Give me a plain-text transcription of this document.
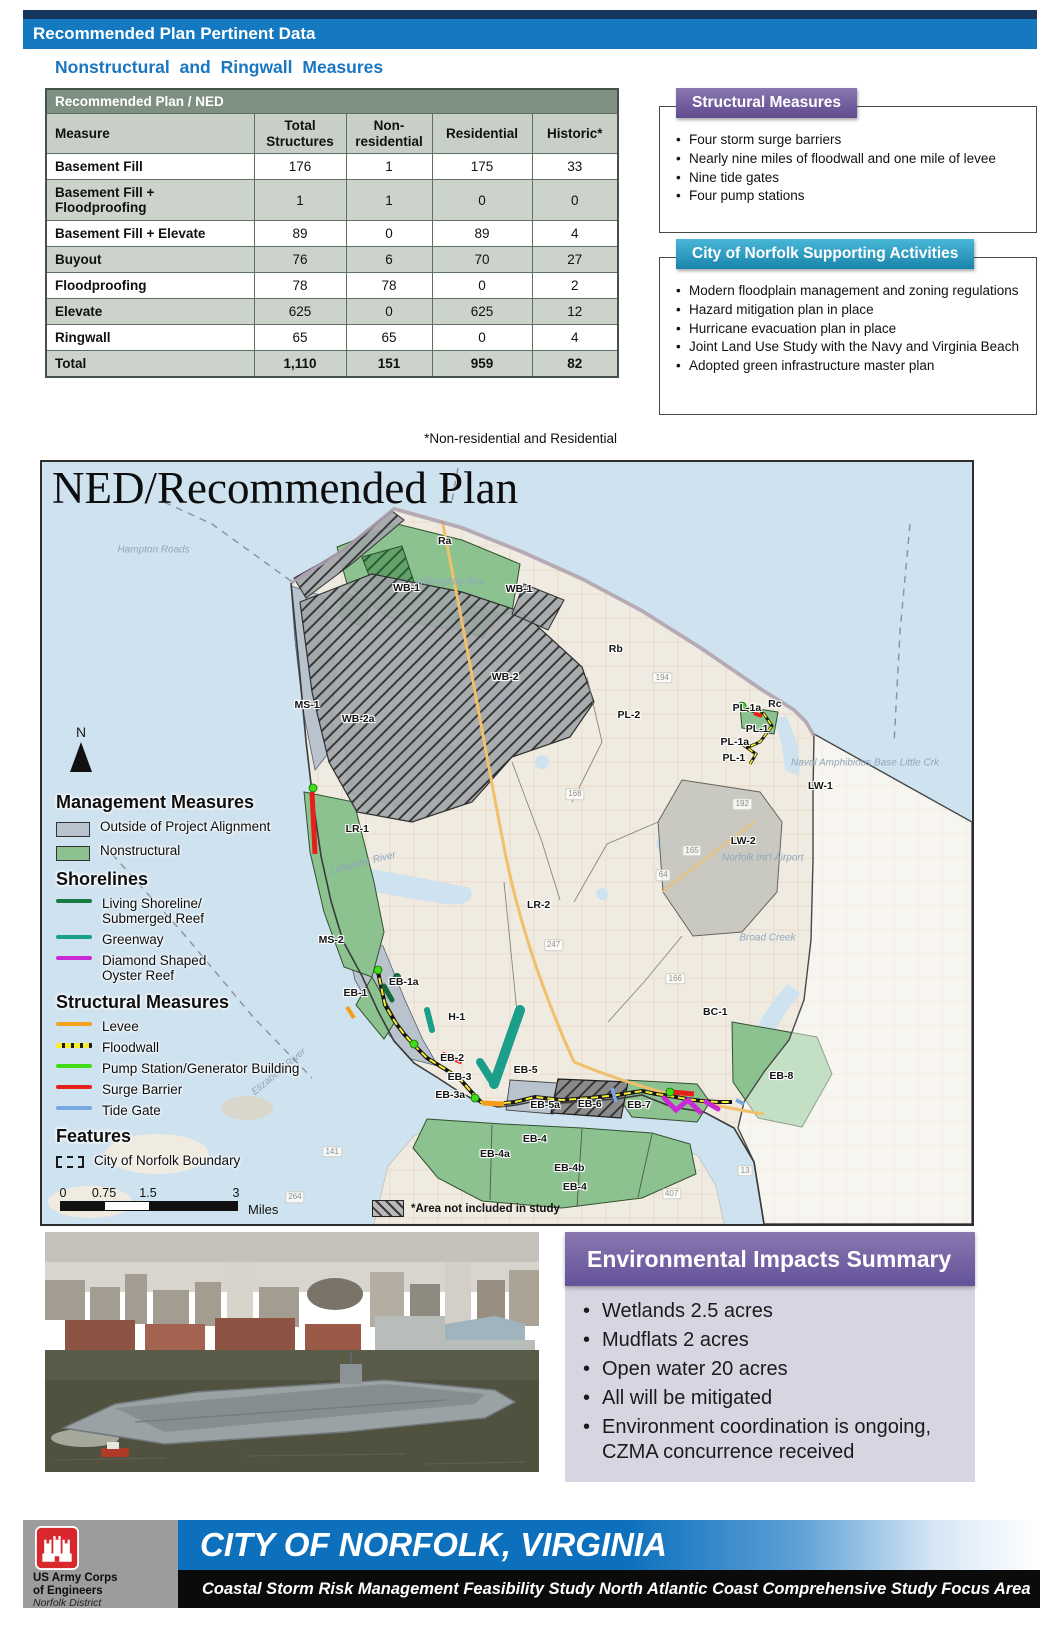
Recommended Plan Pertinent Data
Nonstructural and Ringwall Measures
Recommended Plan / NED				
Measure	Total Structures	Non-residential	Residential	Historic*
Basement Fill	176	1	175	33
Basement Fill + Floodproofing	1	1	0	0
Basement Fill + Elevate	89	0	89	4
Buyout	76	6	70	27
Floodproofing	78	78	0	2
Elevate	625	0	625	12
Ringwall	65	65	0	4
Total	1,110	151	959	82
*Non-residential and Residential
Structural Measures
• Four storm surge barriers
• Nearly nine miles of floodwall and one mile of levee
• Nine tide gates
• Four pump stations
City of Norfolk Supporting Activities
• Modern floodplain management and zoning regulations
• Hazard mitigation plan in place
• Hurricane evacuation plan in place
• Joint Land Use Study with the Navy and Virginia Beach
• Adopted green infrastructure master plan
Ra
WB-1	WB-1
Rb
WB-2
MS-1
WB-2a	PL-2
PL-1a Rc
PL-1
PL-1a
PL-1
LW-1
LW-2
LR-1
LR-2
MS-2
EB-1a
EB-1
H-1	BC-1
EB-2
EB-5
EB-3
EB-3a
EB-5a EB-6 EB-7
EB-8
EB-4
EB-4a
EB-4b
EB-4
Hampton Roads
Willoughby Bay
Lafayette River
Elizabeth River
Naval Amphibious Base Little Crk
Norfolk Int'l Airport
Broad Creek
194
168
192
165
64
247
166
141
264	407
13
NED/Recommended Plan
N
Management Measures
Outside of Project Alignment
Nonstructural
Shorelines
Living Shoreline/
Submerged Reef
Greenway
Diamond Shaped
Oyster Reef
Structural Measures
Levee
Floodwall
Pump Station/Generator Building
Surge Barrier
Tide Gate
Features
City of Norfolk Boundary
0 0.75 1.5	3
Miles	*Area not included in study
Environmental Impacts Summary
• Wetlands 2.5 acres
• Mudflats 2 acres
• Open water 20 acres
• All will be mitigated
• Environment coordination is ongoing, CZMA concurrence received
CITY OF NORFOLK, VIRGINIA
Coastal Storm Risk Management Feasibility Study North Atlantic Coast Comprehensive Study Focus Area
US Army Corps
of Engineers
Norfolk District
